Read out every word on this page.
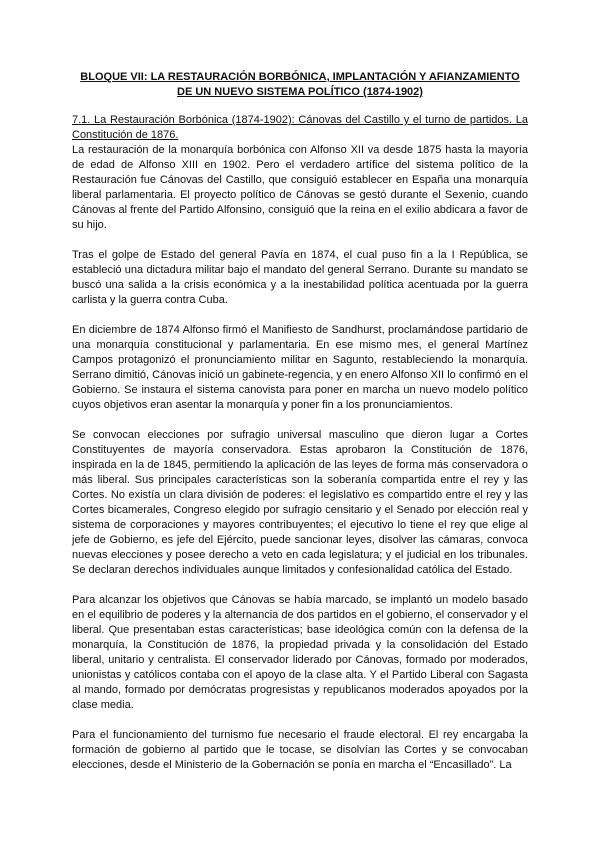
BLOQUE VII: LA RESTAURACIÓN BORBÓNICA, IMPLANTACIÓN Y AFIANZAMIENTO
DE UN NUEVO SISTEMA POLÍTICO (1874-1902)

7.1. La Restauración Borbónica (1874-1902): Cánovas del Castillo y el turno de partidos. La Constitución de 1876.

La restauración de la monarquía borbónica con Alfonso XII va desde 1875 hasta la mayoría de edad de Alfonso XIII en 1902. Pero el verdadero artífice del sistema político de la Restauración fue Cánovas del Castillo, que consiguió establecer en España una monarquía liberal parlamentaria. El proyecto político de Cánovas se gestó durante el Sexenio, cuando Cánovas al frente del Partido Alfonsino, consiguió que la reina en el exilio abdicara a favor de su hijo.

Tras el golpe de Estado del general Pavía en 1874, el cual puso fin a la I República, se estableció una dictadura militar bajo el mandato del general Serrano. Durante su mandato se buscó una salida a la crisis económica y a la inestabilidad política acentuada por la guerra carlista y la guerra contra Cuba.

En diciembre de 1874 Alfonso firmó el Manifiesto de Sandhurst, proclamándose partidario de una monarquía constitucional y parlamentaria. En ese mismo mes, el general Martínez Campos protagonizó el pronunciamiento militar en Sagunto, restableciendo la monarquía. Serrano dimitió, Cánovas inició un gabinete-regencia, y en enero Alfonso XII lo confirmó en el Gobierno. Se instaura el sistema canovista para poner en marcha un nuevo modelo político cuyos objetivos eran asentar la monarquía y poner fin a los pronunciamientos.

Se convocan elecciones por sufragio universal masculino que dieron lugar a Cortes Constituyentes de mayoría conservadora. Estas aprobaron la Constitución de 1876, inspirada en la de 1845, permitiendo la aplicación de las leyes de forma más conservadora o más liberal. Sus principales características son la soberanía compartida entre el rey y las Cortes. No existía un clara división de poderes: el legislativo es compartido entre el rey y las Cortes bicamerales, Congreso elegido por sufragio censitario y el Senado por elección real y sistema de corporaciones y mayores contribuyentes; el ejecutivo lo tiene el rey que elige al jefe de Gobierno, es jefe del Ejército, puede sancionar leyes, disolver las cámaras, convoca nuevas elecciones y posee derecho a veto en cada legislatura; y el judicial en los tribunales. Se declaran derechos individuales aunque limitados y confesionalidad católica del Estado.

Para alcanzar los objetivos que Cánovas se había marcado, se implantó un modelo basado en el equilibrio de poderes y la alternancia de dos partidos en el gobierno, el conservador y el liberal. Que presentaban estas características; base ideológica común con la defensa de la monarquía, la Constitución de 1876, la propiedad privada y la consolidación del Estado liberal, unitario y centralista. El conservador liderado por Cánovas, formado por moderados, unionistas y católicos contaba con el apoyo de la clase alta. Y el Partido Liberal con Sagasta al mando, formado por demócratas progresistas y republicanos moderados apoyados por la clase media.

Para el funcionamiento del turnismo fue necesario el fraude electoral. El rey encargaba la formación de gobierno al partido que le tocase, se disolvían las Cortes y se convocaban elecciones, desde el Ministerio de la Gobernación se ponía en marcha el “Encasillado”. La
